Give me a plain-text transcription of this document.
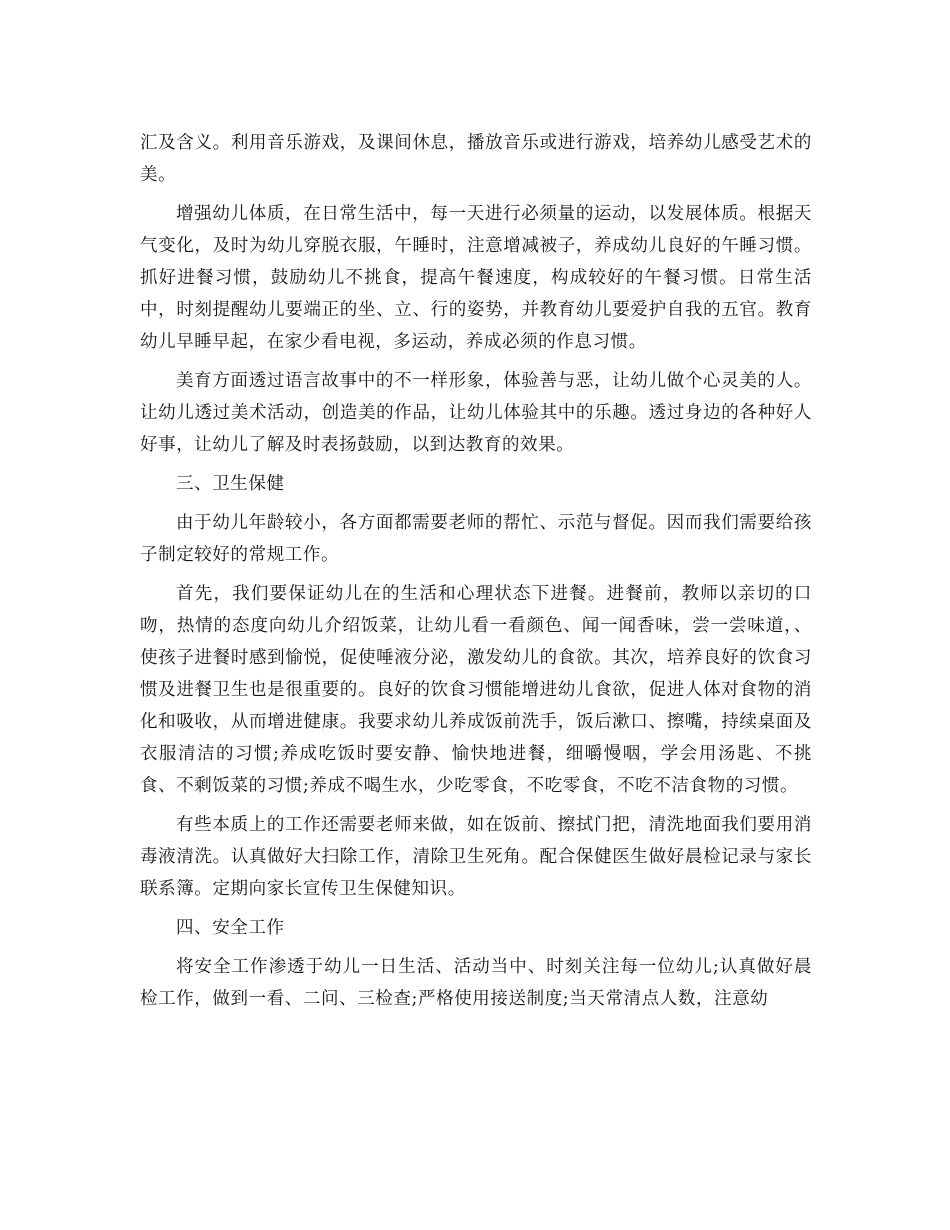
汇及含义。利用音乐游戏，及课间休息，播放音乐或进行游戏，培养幼儿感受艺术的美。

增强幼儿体质，在日常生活中，每一天进行必须量的运动，以发展体质。根据天气变化，及时为幼儿穿脱衣服，午睡时，注意增减被子，养成幼儿良好的午睡习惯。抓好进餐习惯，鼓励幼儿不挑食，提高午餐速度，构成较好的午餐习惯。日常生活中，时刻提醒幼儿要端正的坐、立、行的姿势，并教育幼儿要爱护自我的五官。教育幼儿早睡早起，在家少看电视，多运动，养成必须的作息习惯。

美育方面透过语言故事中的不一样形象，体验善与恶，让幼儿做个心灵美的人。让幼儿透过美术活动，创造美的作品，让幼儿体验其中的乐趣。透过身边的各种好人好事，让幼儿了解及时表扬鼓励，以到达教育的效果。

三、卫生保健

由于幼儿年龄较小，各方面都需要老师的帮忙、示范与督促。因而我们需要给孩子制定较好的常规工作。

首先，我们要保证幼儿在的生活和心理状态下进餐。进餐前，教师以亲切的口吻，热情的态度向幼儿介绍饭菜，让幼儿看一看颜色、闻一闻香味，尝一尝味道，、使孩子进餐时感到愉悦，促使唾液分泌，激发幼儿的食欲。其次，培养良好的饮食习惯及进餐卫生也是很重要的。良好的饮食习惯能增进幼儿食欲，促进人体对食物的消化和吸收，从而增进健康。我要求幼儿养成饭前洗手，饭后漱口、擦嘴，持续桌面及衣服清洁的习惯;养成吃饭时要安静、愉快地进餐，细嚼慢咽，学会用汤匙、不挑食、不剩饭菜的习惯;养成不喝生水，少吃零食，不吃零食，不吃不洁食物的习惯。

有些本质上的工作还需要老师来做，如在饭前、擦拭门把，清洗地面我们要用消毒液清洗。认真做好大扫除工作，清除卫生死角。配合保健医生做好晨检记录与家长联系簿。定期向家长宣传卫生保健知识。

四、安全工作

将安全工作渗透于幼儿一日生活、活动当中、时刻关注每一位幼儿;认真做好晨检工作，做到一看、二问、三检查;严格使用接送制度;当天常清点人数，注意幼
